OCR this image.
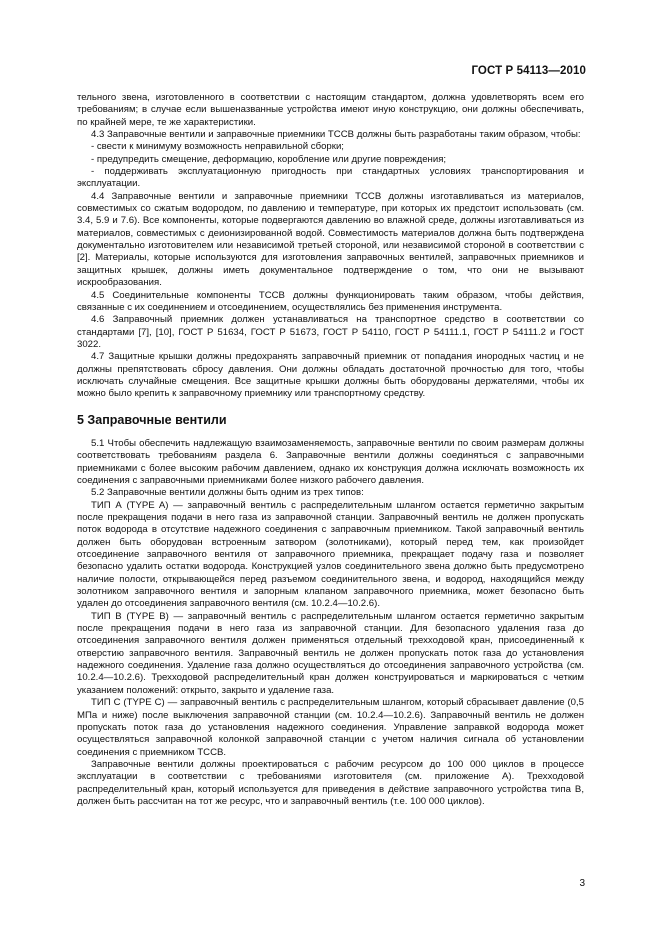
ГОСТ Р 54113—2010

тельного звена, изготовленного в соответствии с настоящим стандартом, должна удовлетворять всем его требованиям; в случае если вышеназванные устройства имеют иную конструкцию, они должны обеспечивать, по крайней мере, те же характеристики.

4.3 Заправочные вентили и заправочные приемники ТССВ должны быть разработаны таким образом, чтобы:

- свести к минимуму возможность неправильной сборки;

- предупредить смещение, деформацию, коробление или другие повреждения;

- поддерживать эксплуатационную пригодность при стандартных условиях транспортирования и эксплуатации.

4.4 Заправочные вентили и заправочные приемники ТССВ должны изготавливаться из материалов, совместимых со сжатым водородом, по давлению и температуре, при которых их предстоит использовать (см. 3.4, 5.9 и 7.6). Все компоненты, которые подвергаются давлению во влажной среде, должны изготавливаться из материалов, совместимых с деионизированной водой. Совместимость материалов должна быть подтверждена документально изготовителем или независимой третьей стороной, или независимой стороной в соответствии с [2]. Материалы, которые используются для изготовления заправочных вентилей, заправочных приемников и защитных крышек, должны иметь документальное подтверждение о том, что они не вызывают искрообразования.

4.5 Соединительные компоненты ТССВ должны функционировать таким образом, чтобы действия, связанные с их соединением и отсоединением, осуществлялись без применения инструмента.

4.6 Заправочный приемник должен устанавливаться на транспортное средство в соответствии со стандартами [7], [10], ГОСТ Р 51634, ГОСТ Р 51673, ГОСТ Р 54110, ГОСТ Р 54111.1, ГОСТ Р 54111.2 и ГОСТ 3022.

4.7 Защитные крышки должны предохранять заправочный приемник от попадания инородных частиц и не должны препятствовать сбросу давления. Они должны обладать достаточной прочностью для того, чтобы исключать случайные смещения. Все защитные крышки должны быть оборудованы держателями, чтобы их можно было крепить к заправочному приемнику или транспортному средству.

5 Заправочные вентили

5.1 Чтобы обеспечить надлежащую взаимозаменяемость, заправочные вентили по своим размерам должны соответствовать требованиям раздела 6. Заправочные вентили должны соединяться с заправочными приемниками с более высоким рабочим давлением, однако их конструкция должна исключать возможность их соединения с заправочными приемниками более низкого рабочего давления.

5.2 Заправочные вентили должны быть одним из трех типов:

ТИП А (TYPE A) — заправочный вентиль с распределительным шлангом остается герметично закрытым после прекращения подачи в него газа из заправочной станции. Заправочный вентиль не должен пропускать поток водорода в отсутствие надежного соединения с заправочным приемником. Такой заправочный вентиль должен быть оборудован встроенным затвором (золотниками), который перед тем, как произойдет отсоединение заправочного вентиля от заправочного приемника, прекращает подачу газа и позволяет безопасно удалить остатки водорода. Конструкцией узлов соединительного звена должно быть предусмотрено наличие полости, открывающейся перед разъемом соединительного звена, и водород, находящийся между золотником заправочного вентиля и запорным клапаном заправочного приемника, может безопасно быть удален до отсоединения заправочного вентиля (см. 10.2.4—10.2.6).

ТИП В (TYPE B) — заправочный вентиль с распределительным шлангом остается герметично закрытым после прекращения подачи в него газа из заправочной станции. Для безопасного удаления газа до отсоединения заправочного вентиля должен применяться отдельный трехходовой кран, присоединенный к отверстию заправочного вентиля. Заправочный вентиль не должен пропускать поток газа до установления надежного соединения. Удаление газа должно осуществляться до отсоединения заправочного устройства (см. 10.2.4—10.2.6). Трехходовой распределительный кран должен конструироваться и маркироваться с четким указанием положений: открыто, закрыто и удаление газа.

ТИП С (TYPE C) — заправочный вентиль с распределительным шлангом, который сбрасывает давление (0,5 МПа и ниже) после выключения заправочной станции (см. 10.2.4—10.2.6). Заправочный вентиль не должен пропускать поток газа до установления надежного соединения. Управление заправкой водорода может осуществляться заправочной колонкой заправочной станции с учетом наличия сигнала об установлении соединения с приемником ТССВ.

Заправочные вентили должны проектироваться с рабочим ресурсом до 100 000 циклов в процессе эксплуатации в соответствии с требованиями изготовителя (см. приложение А). Трехходовой распределительный кран, который используется для приведения в действие заправочного устройства типа В, должен быть рассчитан на тот же ресурс, что и заправочный вентиль (т.е. 100 000 циклов).

3
